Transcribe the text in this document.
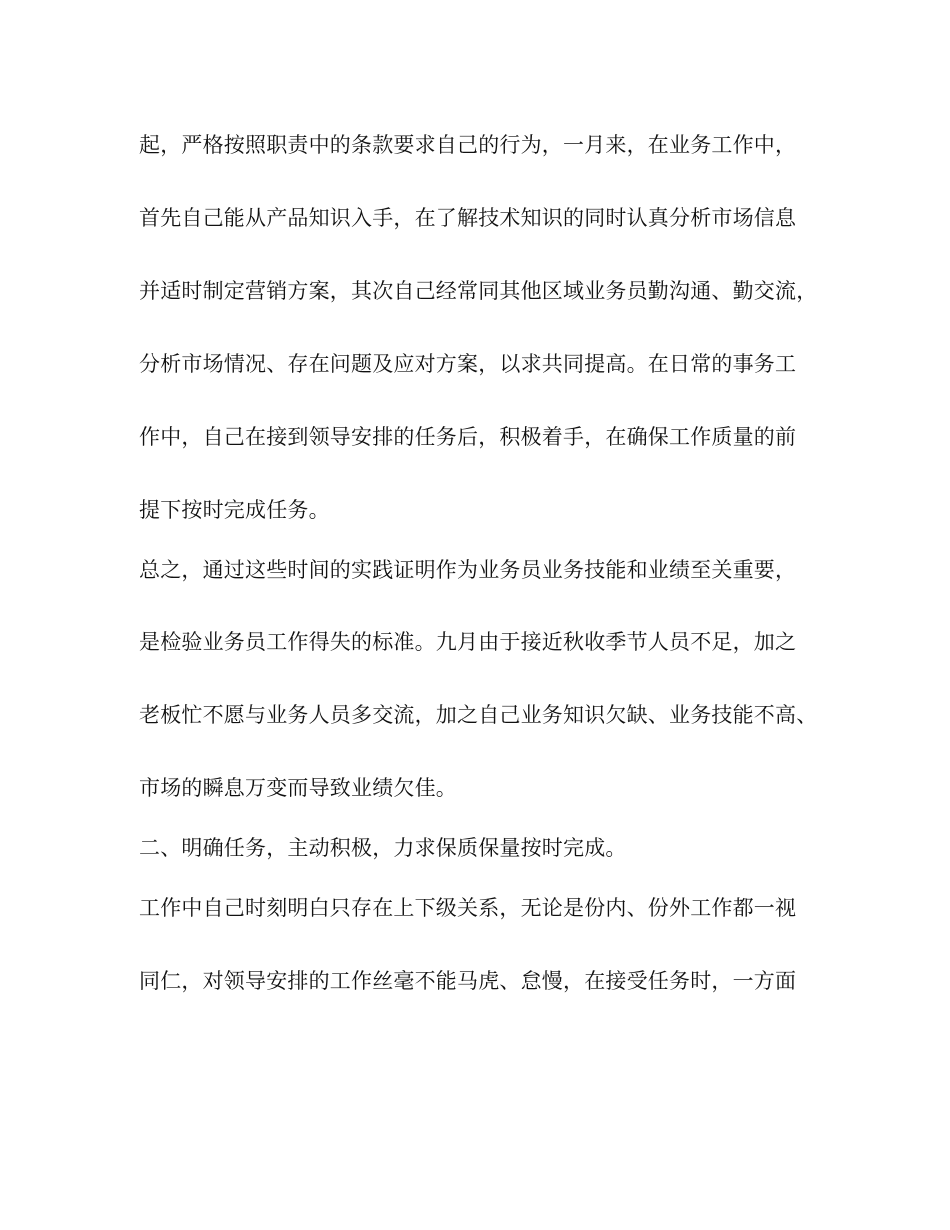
起，严格按照职责中的条款要求自己的行为，一月来，在业务工作中，
首先自己能从产品知识入手，在了解技术知识的同时认真分析市场信息
并适时制定营销方案，其次自己经常同其他区域业务员勤沟通、勤交流，
分析市场情况、存在问题及应对方案，以求共同提高。在日常的事务工
作中，自己在接到领导安排的任务后，积极着手，在确保工作质量的前
提下按时完成任务。
总之，通过这些时间的实践证明作为业务员业务技能和业绩至关重要，
是检验业务员工作得失的标准。九月由于接近秋收季节人员不足，加之
老板忙不愿与业务人员多交流，加之自己业务知识欠缺、业务技能不高、
市场的瞬息万变而导致业绩欠佳。
二、明确任务，主动积极，力求保质保量按时完成。
工作中自己时刻明白只存在上下级关系，无论是份内、份外工作都一视
同仁，对领导安排的工作丝毫不能马虎、怠慢，在接受任务时，一方面
